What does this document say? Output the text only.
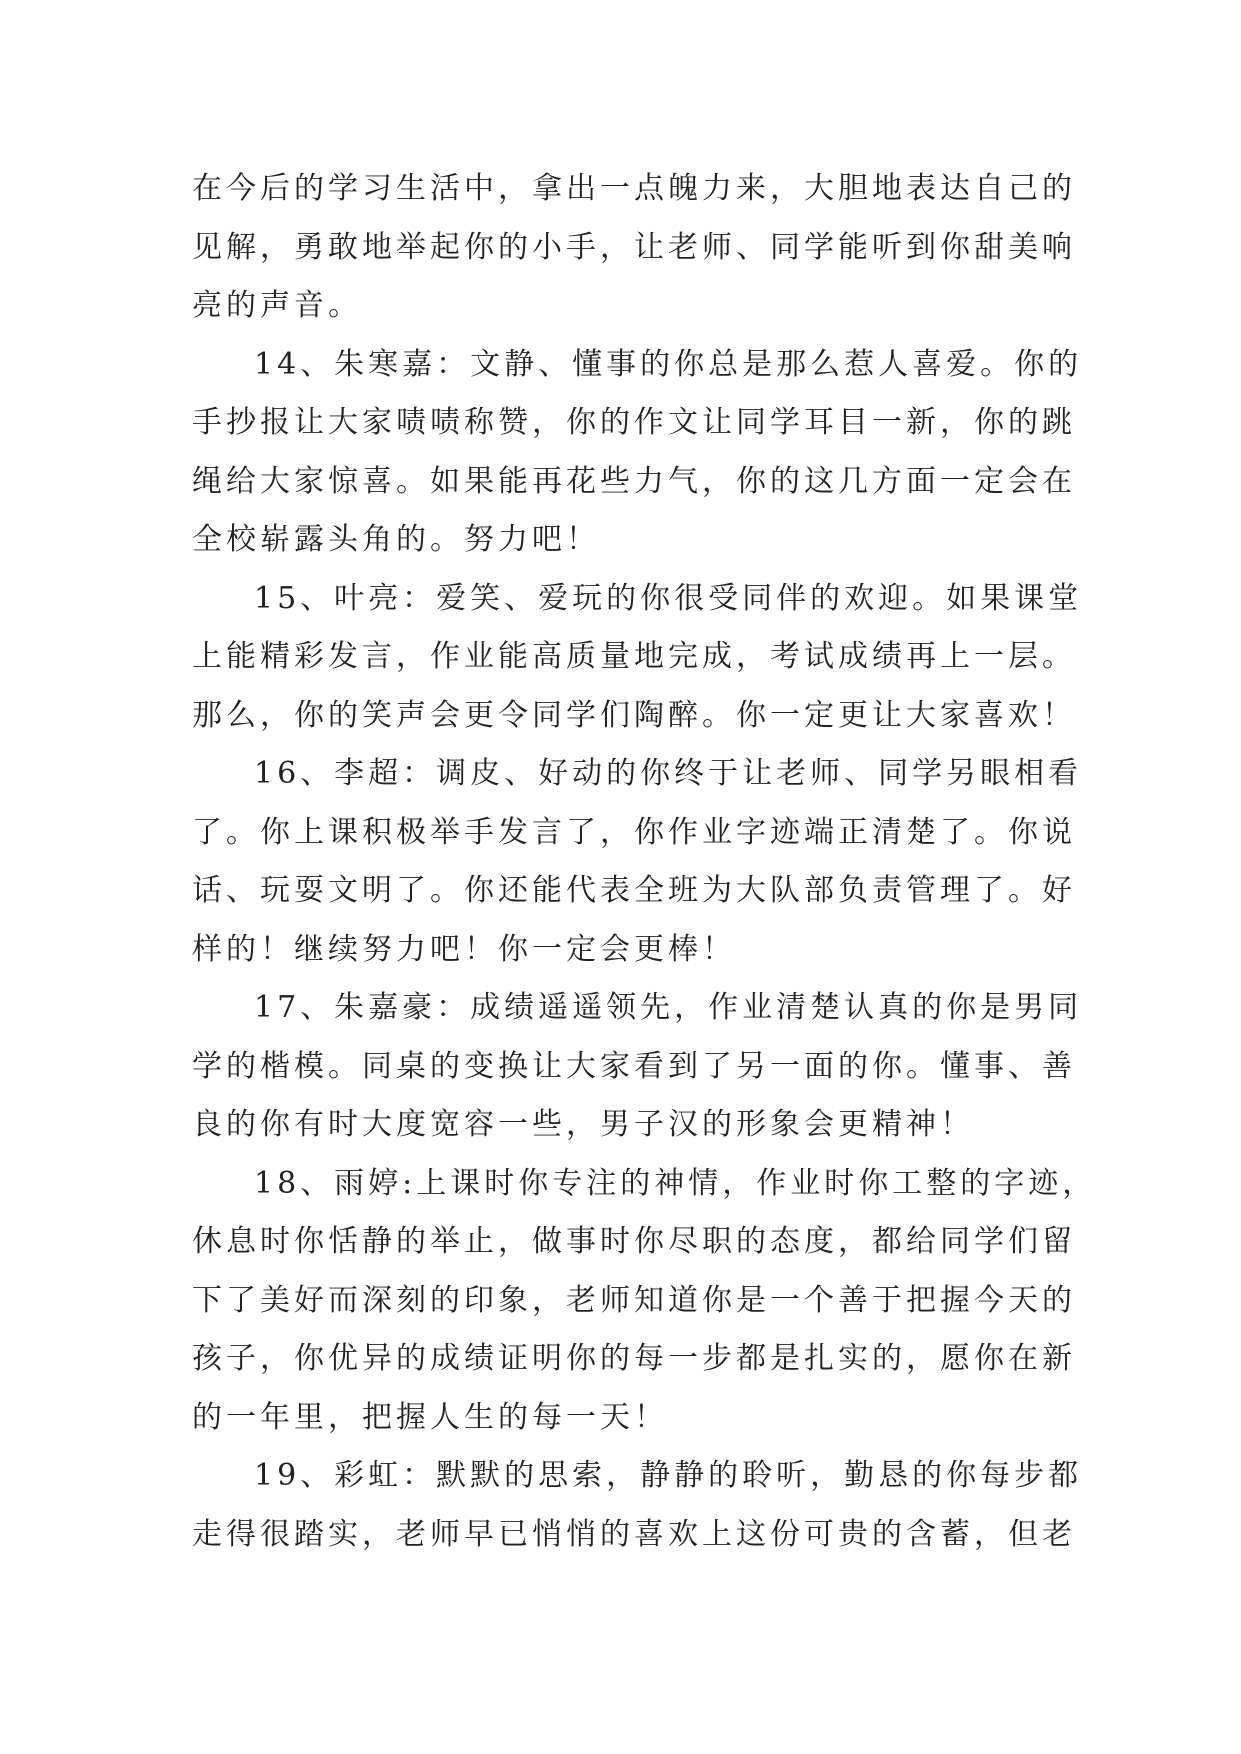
在今后的学习生活中，拿出一点魄力来，大胆地表达自己的
见解，勇敢地举起你的小手，让老师、同学能听到你甜美响
亮的声音。
14、朱寒嘉：文静、懂事的你总是那么惹人喜爱。你的
手抄报让大家啧啧称赞，你的作文让同学耳目一新，你的跳
绳给大家惊喜。如果能再花些力气，你的这几方面一定会在
全校崭露头角的。努力吧！
15、叶亮：爱笑、爱玩的你很受同伴的欢迎。如果课堂
上能精彩发言，作业能高质量地完成，考试成绩再上一层。
那么，你的笑声会更令同学们陶醉。你一定更让大家喜欢！
16、李超：调皮、好动的你终于让老师、同学另眼相看
了。你上课积极举手发言了，你作业字迹端正清楚了。你说
话、玩耍文明了。你还能代表全班为大队部负责管理了。好
样的！继续努力吧！你一定会更棒！
17、朱嘉豪：成绩遥遥领先，作业清楚认真的你是男同
学的楷模。同桌的变换让大家看到了另一面的你。懂事、善
良的你有时大度宽容一些，男子汉的形象会更精神！
18、雨婷:上课时你专注的神情，作业时你工整的字迹，
休息时你恬静的举止，做事时你尽职的态度，都给同学们留
下了美好而深刻的印象，老师知道你是一个善于把握今天的
孩子，你优异的成绩证明你的每一步都是扎实的，愿你在新
的一年里，把握人生的每一天！
19、彩虹：默默的思索，静静的聆听，勤恳的你每步都
走得很踏实，老师早已悄悄的喜欢上这份可贵的含蓄，但老
